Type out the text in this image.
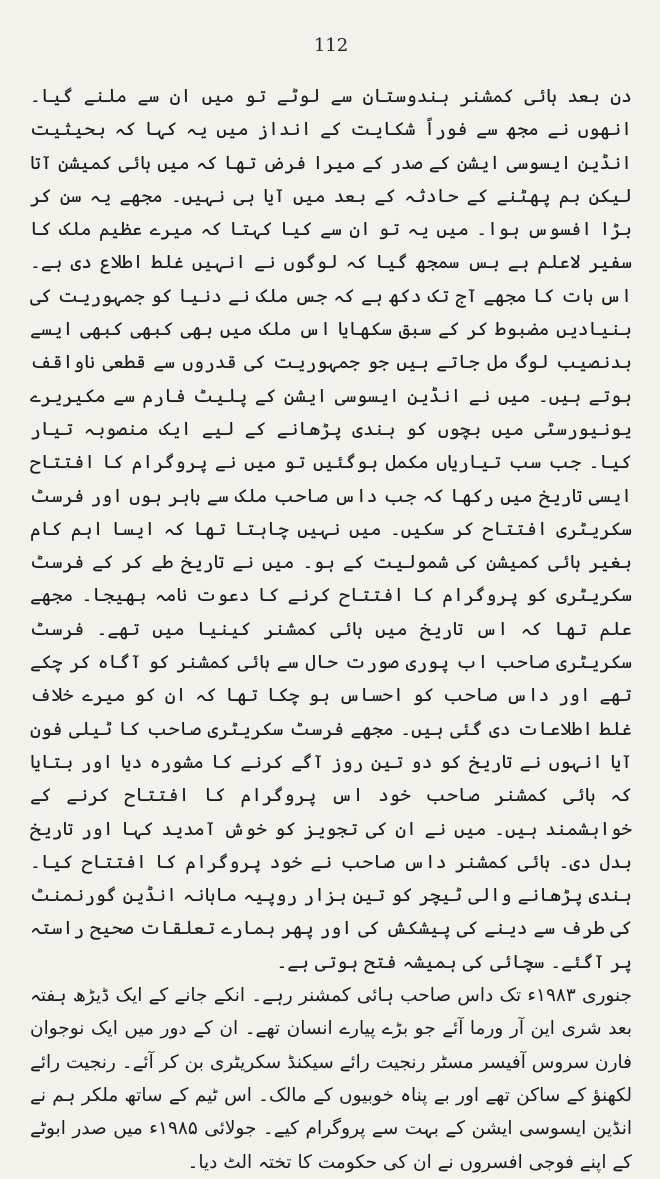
112

دن بعد ہائی کمشنر ہندوستان سے لوٹے تو میں ان سے ملنے گیا۔ انھوں نے مجھ سے فوراً شکایت کے انداز میں یہ کہا کہ بحیثیت انڈین ایسوسی ایشن کے صدر کے میرا فرض تھا کہ میں ہائی کمیشن آتا لیکن بم پھٹنے کے حادثہ کے بعد میں آیا ہی نہیں۔ مجھے یہ سن کر بڑا افسوس ہوا۔ میں یہ تو ان سے کیا کہتا کہ میرے عظیم ملک کا سفیر لاعلم ہے بس سمجھ گیا کہ لوگوں نے انہیں غلط اطلاع دی ہے۔ اس بات کا مجھے آج تک دکھ ہے کہ جس ملک نے دنیا کو جمہوریت کی بنیادیں مضبوط کر کے سبق سکھایا اس ملک میں بھی کبھی کبھی ایسے بدنصیب لوگ مل جاتے ہیں جو جمہوریت کی قدروں سے قطعی ناواقف ہوتے ہیں۔ میں نے انڈین ایسوسی ایشن کے پلیٹ فارم سے مکیریرے یونیورسٹی میں بچوں کو ہندی پڑھانے کے لیے ایک منصوبہ تیار کیا۔ جب سب تیاریاں مکمل ہوگئیں تو میں نے پروگرام کا افتتاح ایسی تاریخ میں رکھا کہ جب داس صاحب ملک سے باہر ہوں اور فرسٹ سکریٹری افتتاح کر سکیں۔ میں نہیں چاہتا تھا کہ ایسا اہم کام بغیر ہائی کمیشن کی شمولیت کے ہو۔ میں نے تاریخ طے کر کے فرسٹ سکریٹری کو پروگرام کا افتتاح کرنے کا دعوت نامہ بھیجا۔ مجھے علم تھا کہ اس تاریخ میں ہائی کمشنر کینیا میں تھے۔ فرسٹ سکریٹری صاحب اب پوری صورت حال سے ہائی کمشنر کو آگاہ کر چکے تھے اور داس صاحب کو احساس ہو چکا تھا کہ ان کو میرے خلاف غلط اطلاعات دی گئی ہیں۔ مجھے فرسٹ سکریٹری صاحب کا ٹیلی فون آیا انہوں نے تاریخ کو دو تین روز آگے کرنے کا مشورہ دیا اور بتایا کہ ہائی کمشنر صاحب خود اس پروگرام کا افتتاح کرنے کے خواہشمند ہیں۔ میں نے ان کی تجویز کو خوش آمدید کہا اور تاریخ بدل دی۔ ہائی کمشنر داس صاحب نے خود پروگرام کا افتتاح کیا۔ ہندی پڑھانے والی ٹیچر کو تین ہزار روپیہ ماہانہ انڈین گورنمنٹ کی طرف سے دینے کی پیشکش کی اور پھر ہمارے تعلقات صحیح راستہ پر آگئے۔ سچائی کی ہمیشہ فتح ہوتی ہے۔

جنوری ۱۹۸۳ء تک داس صاحب ہائی کمشنر رہے۔ انکے جانے کے ایک ڈیڑھ ہفتہ بعد شری این آر ورما آئے جو بڑے پیارے انسان تھے۔ ان کے دور میں ایک نوجوان فارن سروس آفیسر مسٹر رنجیت رائے سیکنڈ سکریٹری بن کر آئے۔ رنجیت رائے لکھنؤ کے ساکن تھے اور بے پناہ خوبیوں کے مالک۔ اس ٹیم کے ساتھ ملکر ہم نے انڈین ایسوسی ایشن کے بہت سے پروگرام کیے۔ جولائی ۱۹۸۵ء میں صدر ابوٹے کے اپنے فوجی افسروں نے ان کی حکومت کا تختہ الٹ دیا۔
